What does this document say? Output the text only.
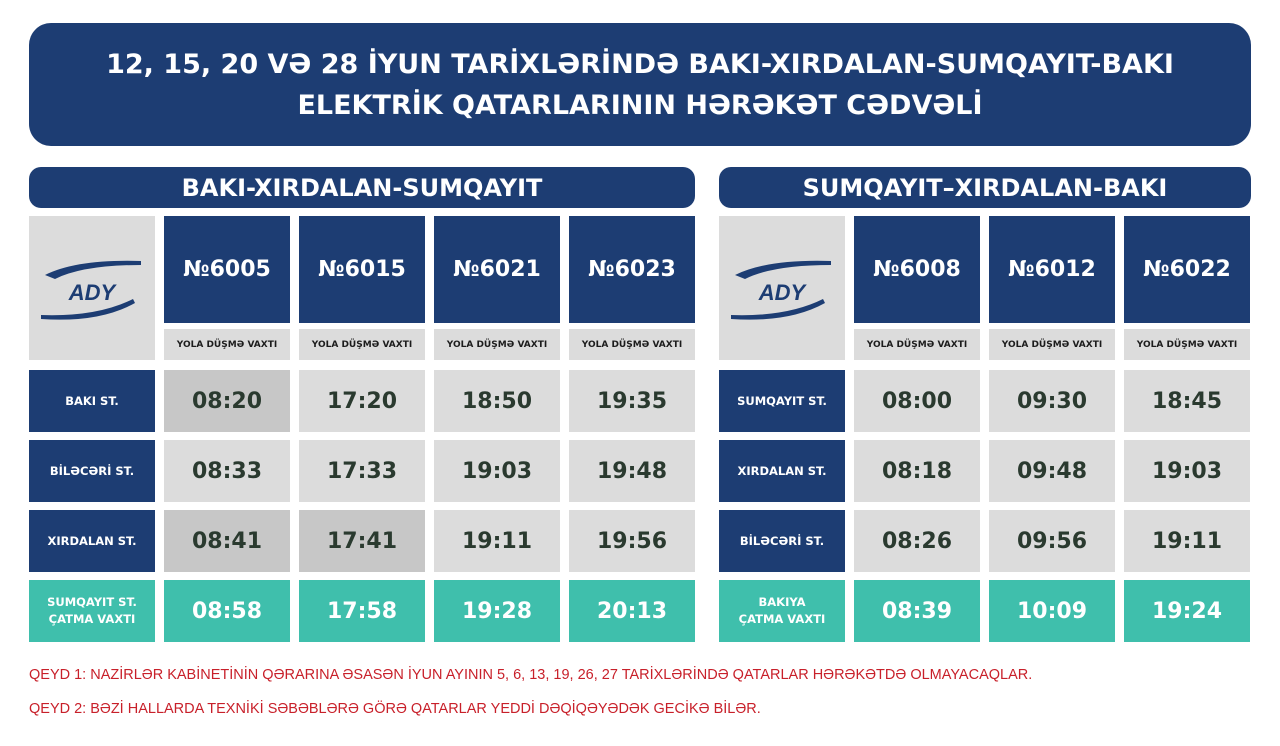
12, 15, 20 VƏ 28 İYUN TARİXLƏRİNDƏ BAKI-XIRDALAN-SUMQAYIT-BAKI
ELEKTRİK QATARLARININ HƏRƏKƏT CƏDVƏLİ
BAKI-XIRDALAN-SUMQAYIT	SUMQAYIT–XIRDALAN-BAKI
ADY	ADY
№6005	№6015	№6021	№6023
YOLA DÜŞMƏ VAXTI	YOLA DÜŞMƏ VAXTI	YOLA DÜŞMƏ VAXTI	YOLA DÜŞMƏ VAXTI
BAKI ST.	08:20	17:20	18:50	19:35
BİLƏCƏRİ ST.	08:33	17:33	19:03	19:48
XIRDALAN ST.	08:41	17:41	19:11	19:56
SUMQAYIT ST.
ÇATMA VAXTI	08:58	17:58	19:28	20:13
№6008	№6012	№6022
YOLA DÜŞMƏ VAXTI	YOLA DÜŞMƏ VAXTI	YOLA DÜŞMƏ VAXTI
SUMQAYIT ST.	08:00	09:30	18:45
XIRDALAN ST.	08:18	09:48	19:03
BİLƏCƏRİ ST.	08:26	09:56	19:11
BAKIYA
ÇATMA VAXTI	08:39	10:09	19:24
QEYD 1: NAZİRLƏR KABİNETİNİN QƏRARINA ƏSASƏN İYUN AYININ 5, 6, 13, 19, 26, 27 TARİXLƏRİNDƏ QATARLAR HƏRƏKƏTDƏ OLMAYACAQLAR.
QEYD 2: BƏZİ HALLARDA TEXNİKİ SƏBƏBLƏRƏ GÖRƏ QATARLAR YEDDİ DƏQİQƏYƏDƏK GECİKƏ BİLƏR.
